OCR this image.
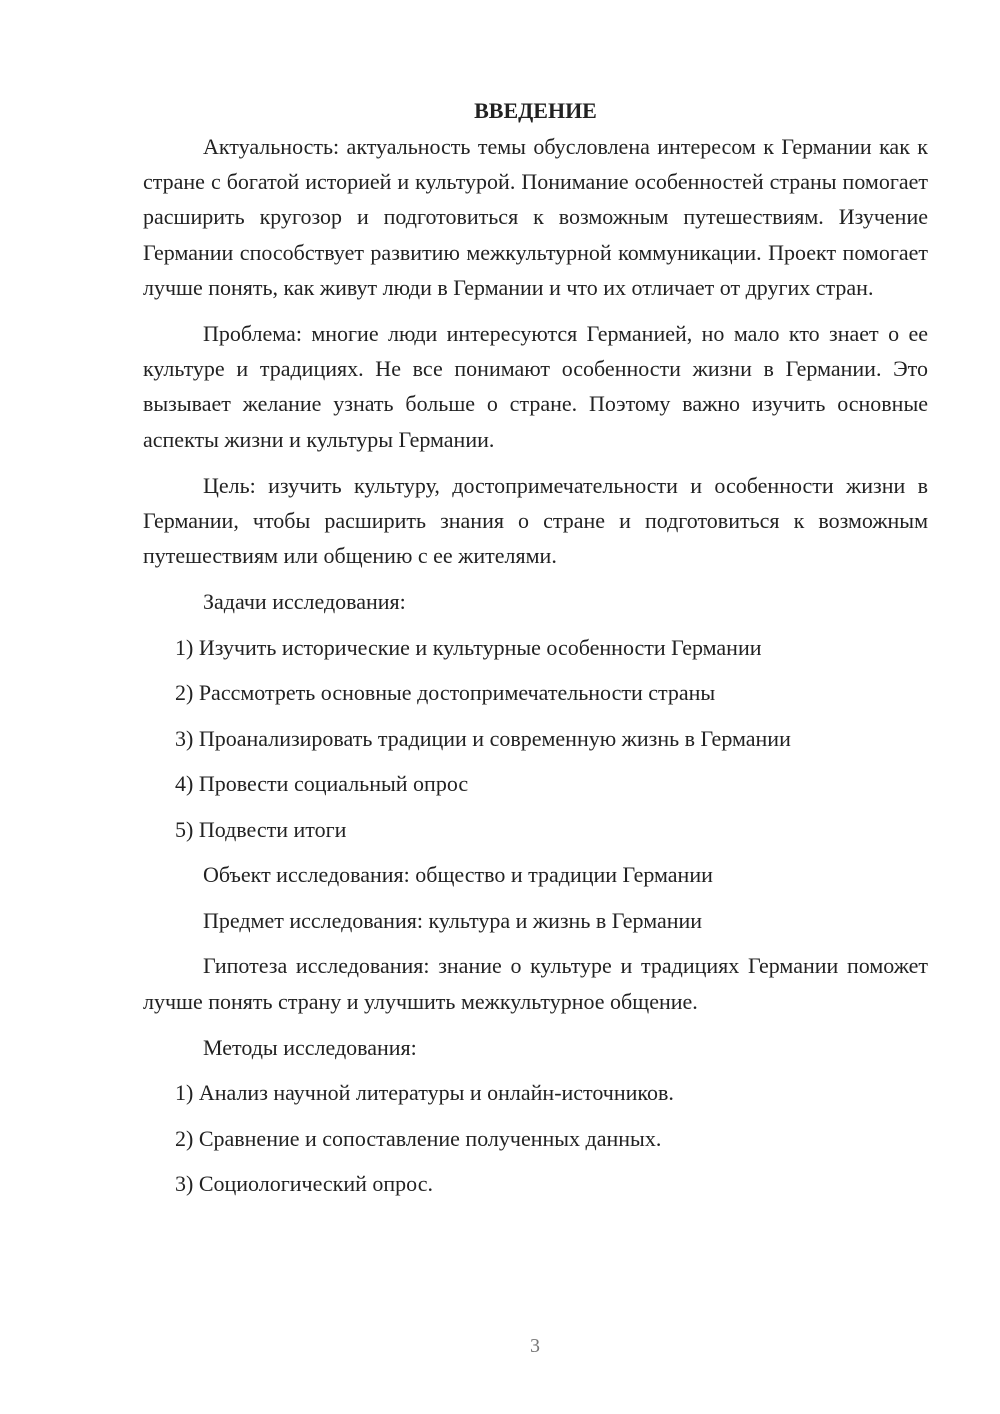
ВВЕДЕНИЕ

Актуальность: актуальность темы обусловлена интересом к Германии как к стране с богатой историей и культурой. Понимание особенностей страны помогает расширить кругозор и подготовиться к возможным путешествиям. Изучение Германии способствует развитию межкультурной коммуникации. Проект помогает лучше понять, как живут люди в Германии и что их отличает от других стран.

Проблема: многие люди интересуются Германией, но мало кто знает о ее культуре и традициях. Не все понимают особенности жизни в Германии. Это вызывает желание узнать больше о стране. Поэтому важно изучить основные аспекты жизни и культуры Германии.

Цель: изучить культуру, достопримечательности и особенности жизни в Германии, чтобы расширить знания о стране и подготовиться к возможным путешествиям или общению с ее жителями.

Задачи исследования:

1) Изучить исторические и культурные особенности Германии

2) Рассмотреть основные достопримечательности страны

3) Проанализировать традиции и современную жизнь в Германии

4) Провести социальный опрос

5) Подвести итоги

Объект исследования: общество и традиции Германии

Предмет исследования: культура и жизнь в Германии

Гипотеза исследования: знание о культуре и традициях Германии поможет лучше понять страну и улучшить межкультурное общение.

Методы исследования:

1) Анализ научной литературы и онлайн-источников.

2) Сравнение и сопоставление полученных данных.

3) Социологический опрос.

3
